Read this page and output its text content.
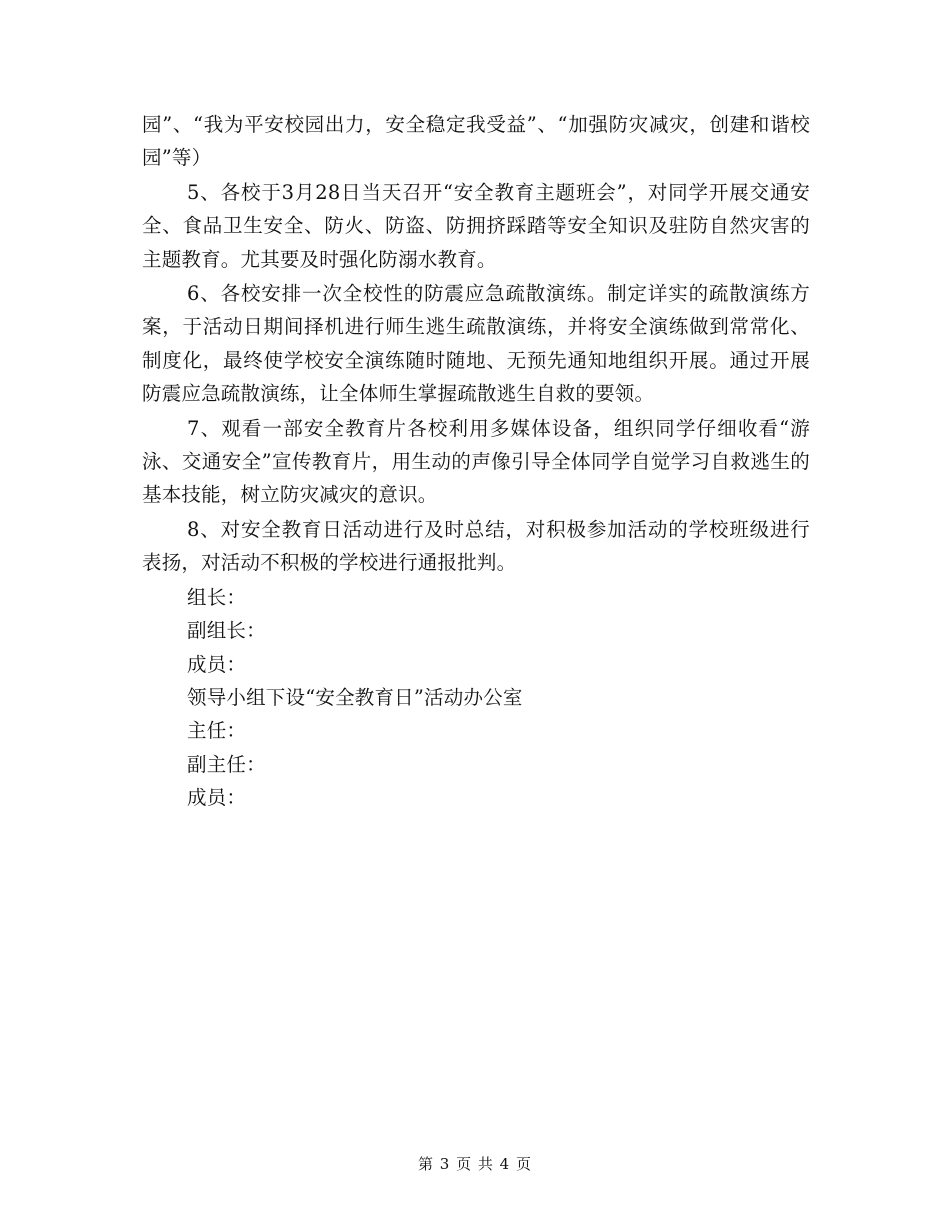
园”、“我为平安校园出力，安全稳定我受益”、“加强防灾减灾，创建和谐校园”等）

5、各校于3月28日当天召开“安全教育主题班会”，对同学开展交通安全、食品卫生安全、防火、防盗、防拥挤踩踏等安全知识及驻防自然灾害的主题教育。尤其要及时强化防溺水教育。

6、各校安排一次全校性的防震应急疏散演练。制定详实的疏散演练方案，于活动日期间择机进行师生逃生疏散演练，并将安全演练做到常常化、制度化，最终使学校安全演练随时随地、无预先通知地组织开展。通过开展防震应急疏散演练，让全体师生掌握疏散逃生自救的要领。

7、观看一部安全教育片各校利用多媒体设备，组织同学仔细收看“游泳、交通安全”宣传教育片，用生动的声像引导全体同学自觉学习自救逃生的基本技能，树立防灾减灾的意识。

8、对安全教育日活动进行及时总结，对积极参加活动的学校班级进行表扬，对活动不积极的学校进行通报批判。

组长：

副组长：

成员：

领导小组下设“安全教育日”活动办公室

主任：

副主任：

成员：

第 3 页 共 4 页
